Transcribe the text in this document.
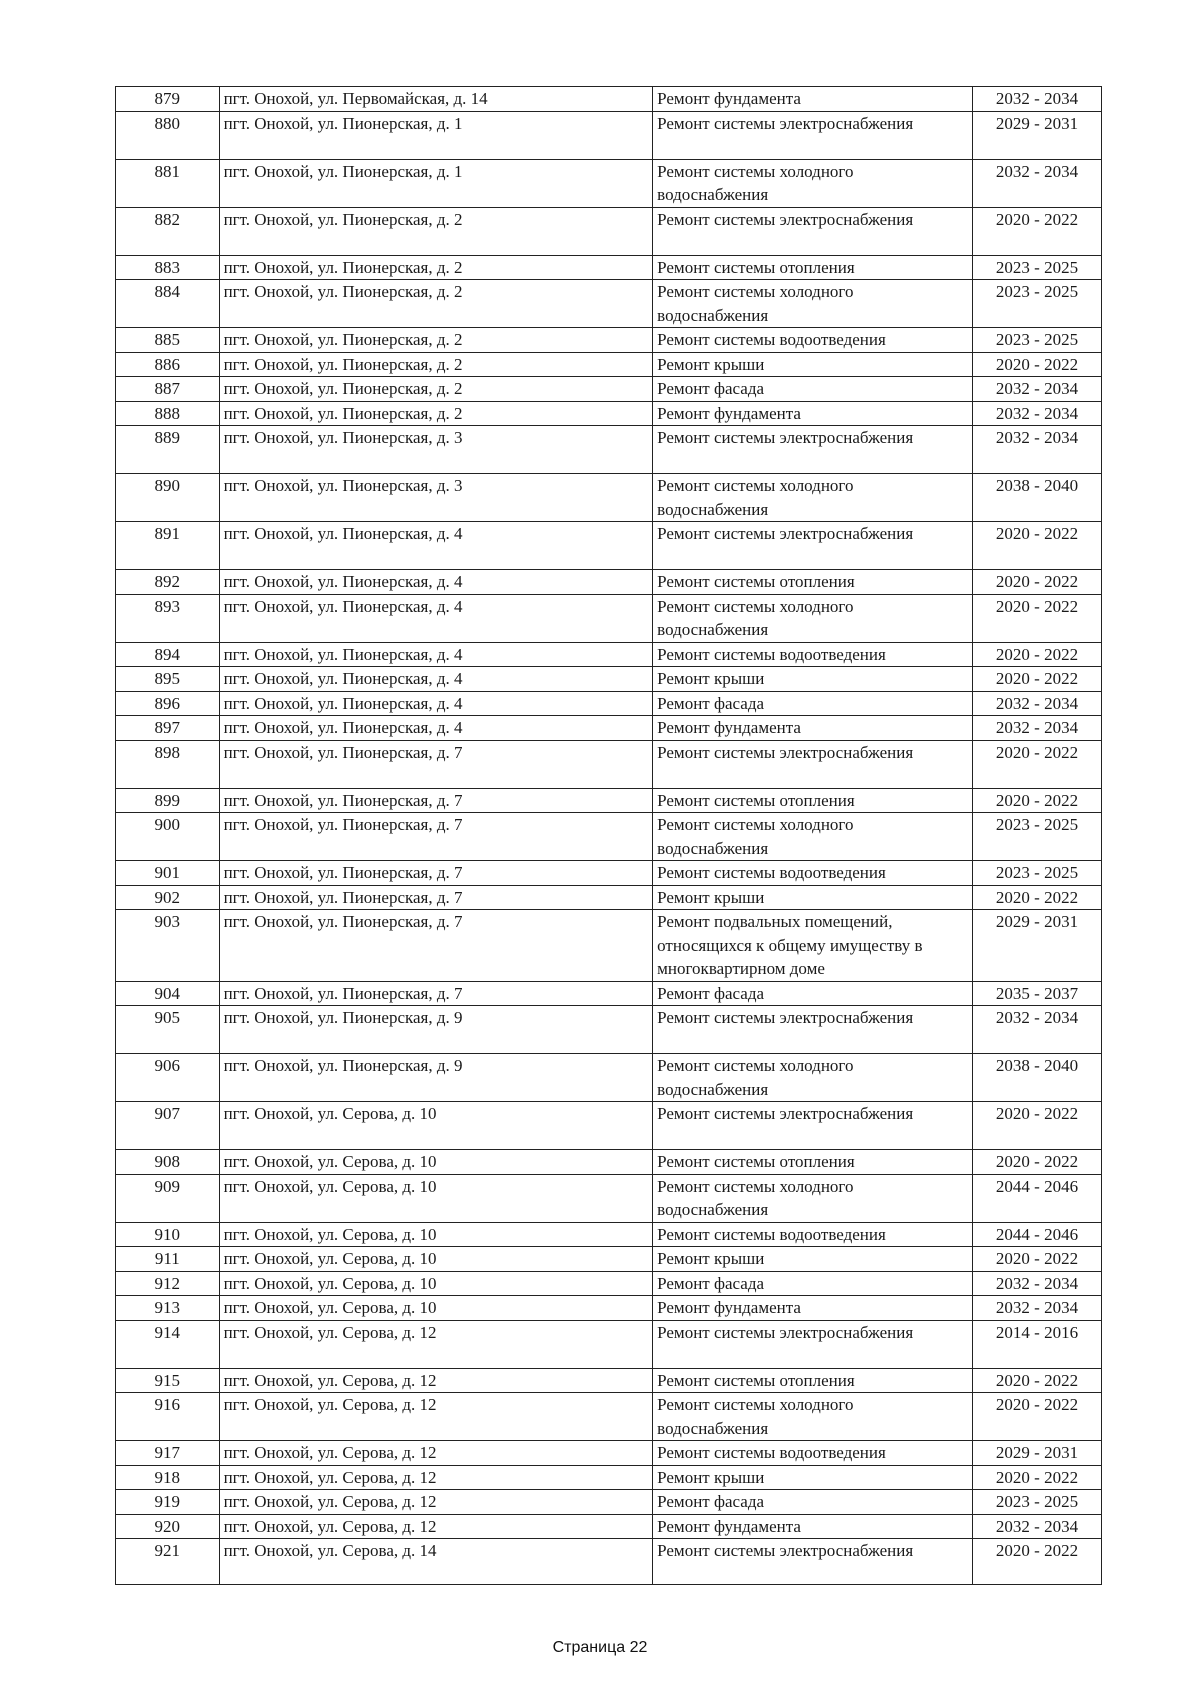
879	пгт. Онохой, ул. Первомайская, д. 14	Ремонт фундамента	2032 - 2034
880	пгт. Онохой, ул. Пионерская, д. 1	Ремонт системы электроснабжения	2029 - 2031
881	пгт. Онохой, ул. Пионерская, д. 1	Ремонт системы холодного водоснабжения	2032 - 2034
882	пгт. Онохой, ул. Пионерская, д. 2	Ремонт системы электроснабжения	2020 - 2022
883	пгт. Онохой, ул. Пионерская, д. 2	Ремонт системы отопления	2023 - 2025
884	пгт. Онохой, ул. Пионерская, д. 2	Ремонт системы холодного водоснабжения	2023 - 2025
885	пгт. Онохой, ул. Пионерская, д. 2	Ремонт системы водоотведения	2023 - 2025
886	пгт. Онохой, ул. Пионерская, д. 2	Ремонт крыши	2020 - 2022
887	пгт. Онохой, ул. Пионерская, д. 2	Ремонт фасада	2032 - 2034
888	пгт. Онохой, ул. Пионерская, д. 2	Ремонт фундамента	2032 - 2034
889	пгт. Онохой, ул. Пионерская, д. 3	Ремонт системы электроснабжения	2032 - 2034
890	пгт. Онохой, ул. Пионерская, д. 3	Ремонт системы холодного водоснабжения	2038 - 2040
891	пгт. Онохой, ул. Пионерская, д. 4	Ремонт системы электроснабжения	2020 - 2022
892	пгт. Онохой, ул. Пионерская, д. 4	Ремонт системы отопления	2020 - 2022
893	пгт. Онохой, ул. Пионерская, д. 4	Ремонт системы холодного водоснабжения	2020 - 2022
894	пгт. Онохой, ул. Пионерская, д. 4	Ремонт системы водоотведения	2020 - 2022
895	пгт. Онохой, ул. Пионерская, д. 4	Ремонт крыши	2020 - 2022
896	пгт. Онохой, ул. Пионерская, д. 4	Ремонт фасада	2032 - 2034
897	пгт. Онохой, ул. Пионерская, д. 4	Ремонт фундамента	2032 - 2034
898	пгт. Онохой, ул. Пионерская, д. 7	Ремонт системы электроснабжения	2020 - 2022
899	пгт. Онохой, ул. Пионерская, д. 7	Ремонт системы отопления	2020 - 2022
900	пгт. Онохой, ул. Пионерская, д. 7	Ремонт системы холодного водоснабжения	2023 - 2025
901	пгт. Онохой, ул. Пионерская, д. 7	Ремонт системы водоотведения	2023 - 2025
902	пгт. Онохой, ул. Пионерская, д. 7	Ремонт крыши	2020 - 2022
903	пгт. Онохой, ул. Пионерская, д. 7	Ремонт подвальных помещений, относящихся к общему имуществу в многоквартирном доме	2029 - 2031
904	пгт. Онохой, ул. Пионерская, д. 7	Ремонт фасада	2035 - 2037
905	пгт. Онохой, ул. Пионерская, д. 9	Ремонт системы электроснабжения	2032 - 2034
906	пгт. Онохой, ул. Пионерская, д. 9	Ремонт системы холодного водоснабжения	2038 - 2040
907	пгт. Онохой, ул. Серова, д. 10	Ремонт системы электроснабжения	2020 - 2022
908	пгт. Онохой, ул. Серова, д. 10	Ремонт системы отопления	2020 - 2022
909	пгт. Онохой, ул. Серова, д. 10	Ремонт системы холодного водоснабжения	2044 - 2046
910	пгт. Онохой, ул. Серова, д. 10	Ремонт системы водоотведения	2044 - 2046
911	пгт. Онохой, ул. Серова, д. 10	Ремонт крыши	2020 - 2022
912	пгт. Онохой, ул. Серова, д. 10	Ремонт фасада	2032 - 2034
913	пгт. Онохой, ул. Серова, д. 10	Ремонт фундамента	2032 - 2034
914	пгт. Онохой, ул. Серова, д. 12	Ремонт системы электроснабжения	2014 - 2016
915	пгт. Онохой, ул. Серова, д. 12	Ремонт системы отопления	2020 - 2022
916	пгт. Онохой, ул. Серова, д. 12	Ремонт системы холодного водоснабжения	2020 - 2022
917	пгт. Онохой, ул. Серова, д. 12	Ремонт системы водоотведения	2029 - 2031
918	пгт. Онохой, ул. Серова, д. 12	Ремонт крыши	2020 - 2022
919	пгт. Онохой, ул. Серова, д. 12	Ремонт фасада	2023 - 2025
920	пгт. Онохой, ул. Серова, д. 12	Ремонт фундамента	2032 - 2034
921	пгт. Онохой, ул. Серова, д. 14	Ремонт системы электроснабжения	2020 - 2022
Страница 22
